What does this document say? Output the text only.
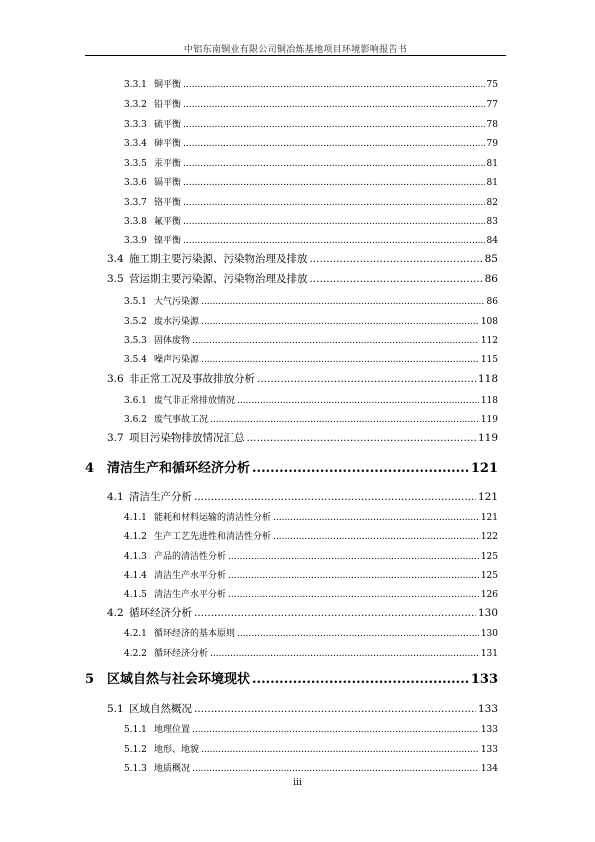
中铝东南铜业有限公司铜冶炼基地项目环境影响报告书
3.3.1 铜平衡 .....	75
3.3.2 铅平衡 .....	77
3.3.3 硫平衡 .....	78
3.3.4 砷平衡 .....	79
3.3.5 汞平衡 .....	81
3.3.6 镉平衡 .....	81
3.3.7 铬平衡 .....	82
3.3.8 氟平衡 .....	83
3.3.9 镍平衡 .....	84
3.4 施工期主要污染源、污染物治理及排放 .....	85
3.5 营运期主要污染源、污染物治理及排放 .....	86
3.5.1 大气污染源 .....	86
3.5.2 废水污染源 .....	108
3.5.3 固体废物 .....	112
3.5.4 噪声污染源 .....	115
3.6 非正常工况及事故排放分析 .....	118
3.6.1 废气非正常排放情况 .....	118
3.6.2 废气事故工况 .....	119
3.7 项目污染物排放情况汇总 .....	119
4 清洁生产和循环经济分析 .....	121
4.1 清洁生产分析 .....	121
4.1.1 能耗和材料运输的清洁性分析 .....	121
4.1.2 生产工艺先进性和清洁性分析 .....	122
4.1.3 产品的清洁性分析 .....	125
4.1.4 清洁生产水平分析 .....	125
4.1.5 清洁生产水平分析 .....	126
4.2 循环经济分析 .....	130
4.2.1 循环经济的基本原则 .....	130
4.2.2 循环经济分析 .....	131
5 区域自然与社会环境现状 .....	133
5.1 区域自然概况 .....	133
5.1.1 地理位置 .....	133
5.1.2 地形、地貌 .....	133
5.1.3 地质概况 .....	134
iii
